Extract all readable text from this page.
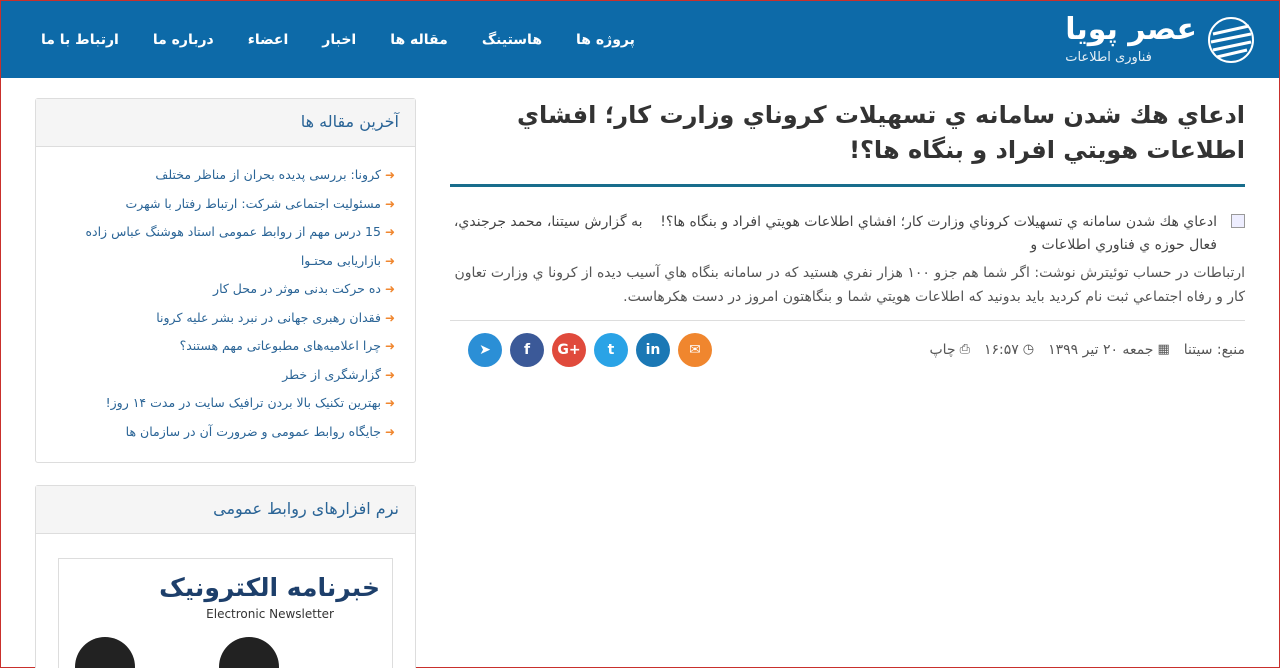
عصر پویا
فناوری اطلاعات
پروژه ها
هاستینگ
مقاله ها
اخبار
اعضاء
درباره ما
ارتباط با ما
ادعاي هك شدن سامانه ي تسهيلات كروناي وزارت كار؛ افشاي اطلاعات هويتي افراد و بنگاه ها؟!
ادعاي هك شدن سامانه ي تسهيلات كروناي وزارت كار؛ افشاي اطلاعات هويتي افراد و بنگاه ها؟!    به گزارش سيتنا، محمد جرجندي، فعال حوزه ي فناوري اطلاعات و

ارتباطات در حساب توئيترش نوشت: اگر شما هم جزو ۱۰۰ هزار نفري هستيد كه در سامانه بنگاه هاي آسيب ديده از كرونا ي وزارت تعاون كار و رفاه اجتماعي ثبت نام كرديد بايد بدونيد كه اطلاعات هويتي شما و بنگاهتون امروز در دست هكرهاست.

منبع: سیتنا
▦
جمعه ۲۰ تیر ۱۳۹۹
◷
۱۶:۵۷
⎙
چاپ
➤	f	G+	t	in	✉
آخرین مقاله ها
➜کرونا: بررسی پدیده بحران از مناظر مختلف
➜مسئولیت اجتماعی شرکت: ارتباط رفتار با شهرت
➜15 درس مهم از روابط عمومی استاد هوشنگ عباس زاده
➜بازاریابی محتـوا
➜ده حرکت بدنی موثر در محل کار
➜فقدان رهبری جهانی در نبرد بشر علیه کرونا
➜چرا اعلامیه‌های مطبوعاتی مهم هستند؟
➜گزارشگری از خطر
➜بهترین تکنیک بالا بردن ترافیک سایت در مدت ۱۴ روز!
➜جایگاه روابط عمومی و ضرورت آن در سازمان ها
نرم افزارهای روابط عمومی
خبرنامه الکترونیک
Electronic Newsletter
